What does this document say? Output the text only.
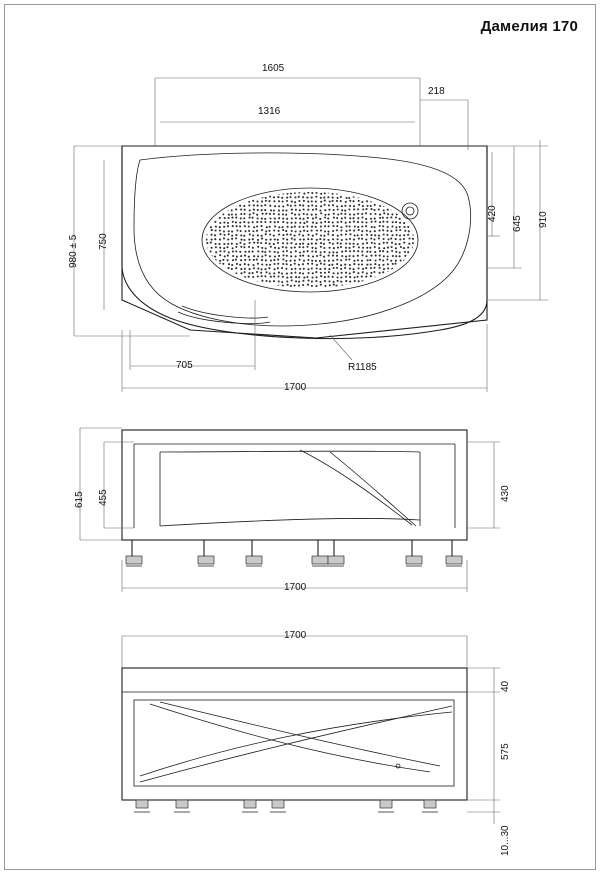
Дамелия 170
1605
1316
218
1700
705	R1185
980 ± 5 750
420
645 910
615 455	430
1700
1700
40
575
10...30
